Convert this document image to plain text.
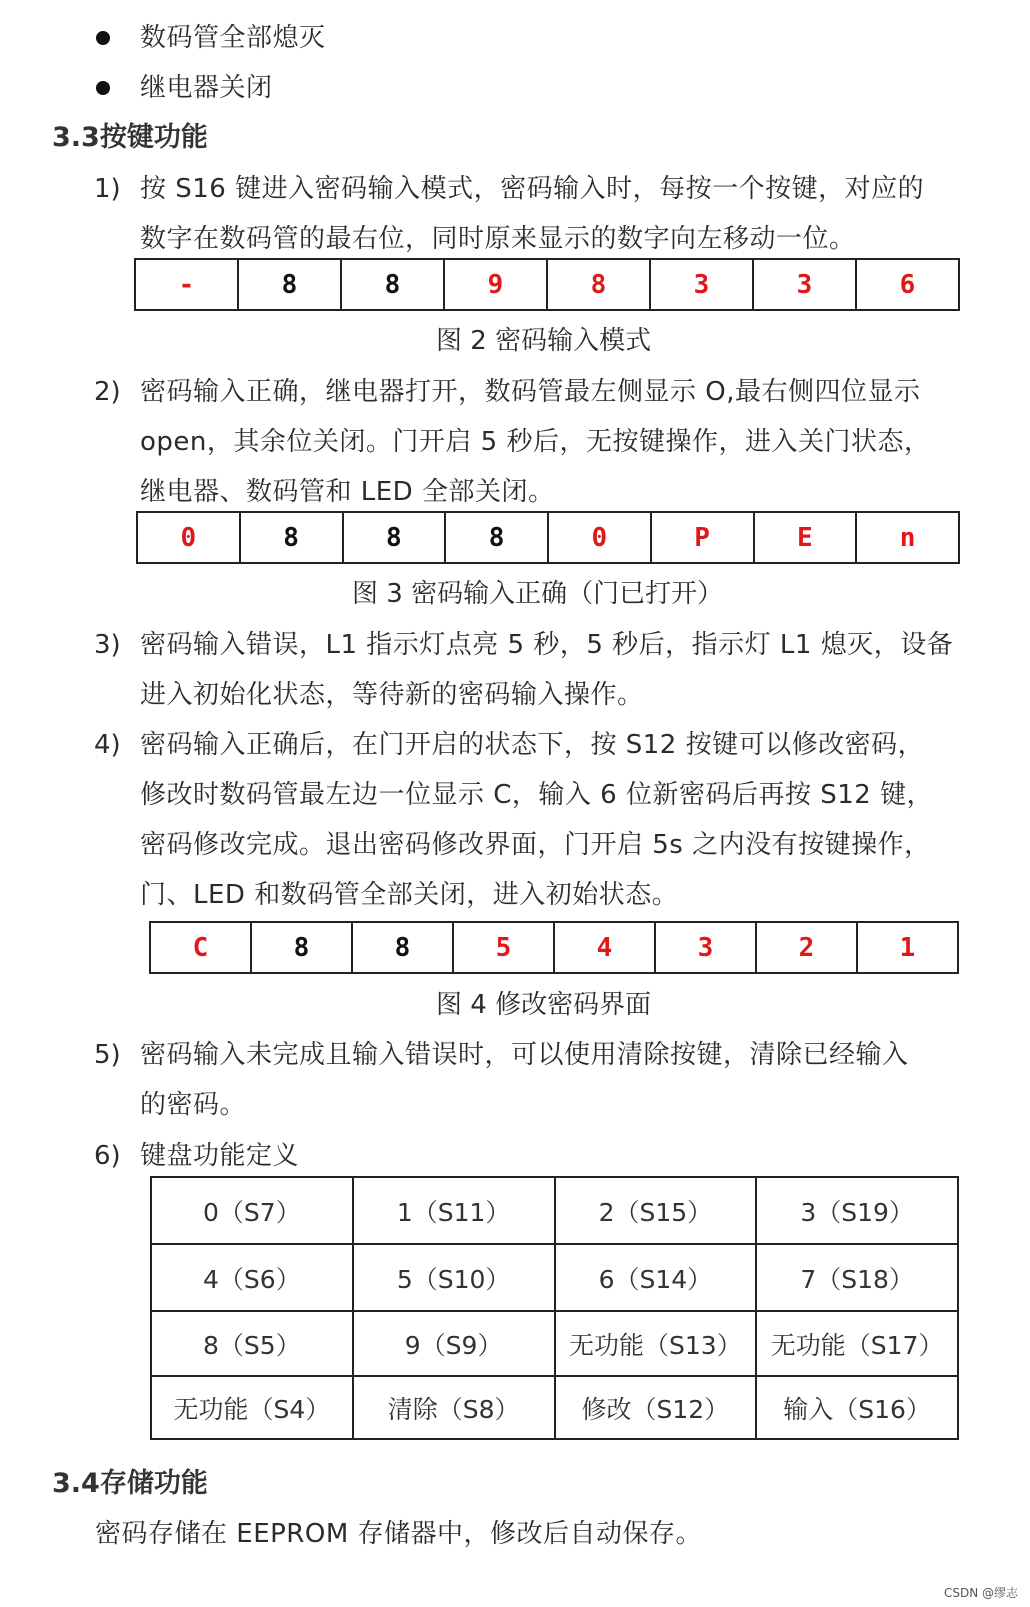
数码管全部熄灭
继电器关闭
3.3按键功能
1) 按 S16 键进入密码输入模式，密码输入时，每按一个按键，对应的
数字在数码管的最右位，同时原来显示的数字向左移动一位。
-	8	8	9	8	3	3	6
图 2 密码输入模式
2) 密码输入正确，继电器打开，数码管最左侧显示 O,最右侧四位显示
open，其余位关闭。门开启 5 秒后，无按键操作，进入关门状态，
继电器、数码管和 LED 全部关闭。
0	8	8	8	0	P	E	n
图 3 密码输入正确（门已打开）
3) 密码输入错误，L1 指示灯点亮 5 秒，5 秒后，指示灯 L1 熄灭，设备
进入初始化状态，等待新的密码输入操作。
4) 密码输入正确后，在门开启的状态下，按 S12 按键可以修改密码，
修改时数码管最左边一位显示 C，输入 6 位新密码后再按 S12 键，
密码修改完成。退出密码修改界面，门开启 5s 之内没有按键操作，
门、LED 和数码管全部关闭，进入初始状态。
C	8	8	5	4	3	2	1
图 4 修改密码界面
5) 密码输入未完成且输入错误时，可以使用清除按键，清除已经输入
的密码。
6) 键盘功能定义
0（S7）	1（S11）	2（S15）	3（S19）
4（S6）	5（S10）	6（S14）	7（S18）
8（S5）	9（S9）	无功能（S13）	无功能（S17）
无功能（S4）	清除（S8）	修改（S12）	输入（S16）
3.4存储功能
密码存储在 EEPROM 存储器中，修改后自动保存。
CSDN @缪志
